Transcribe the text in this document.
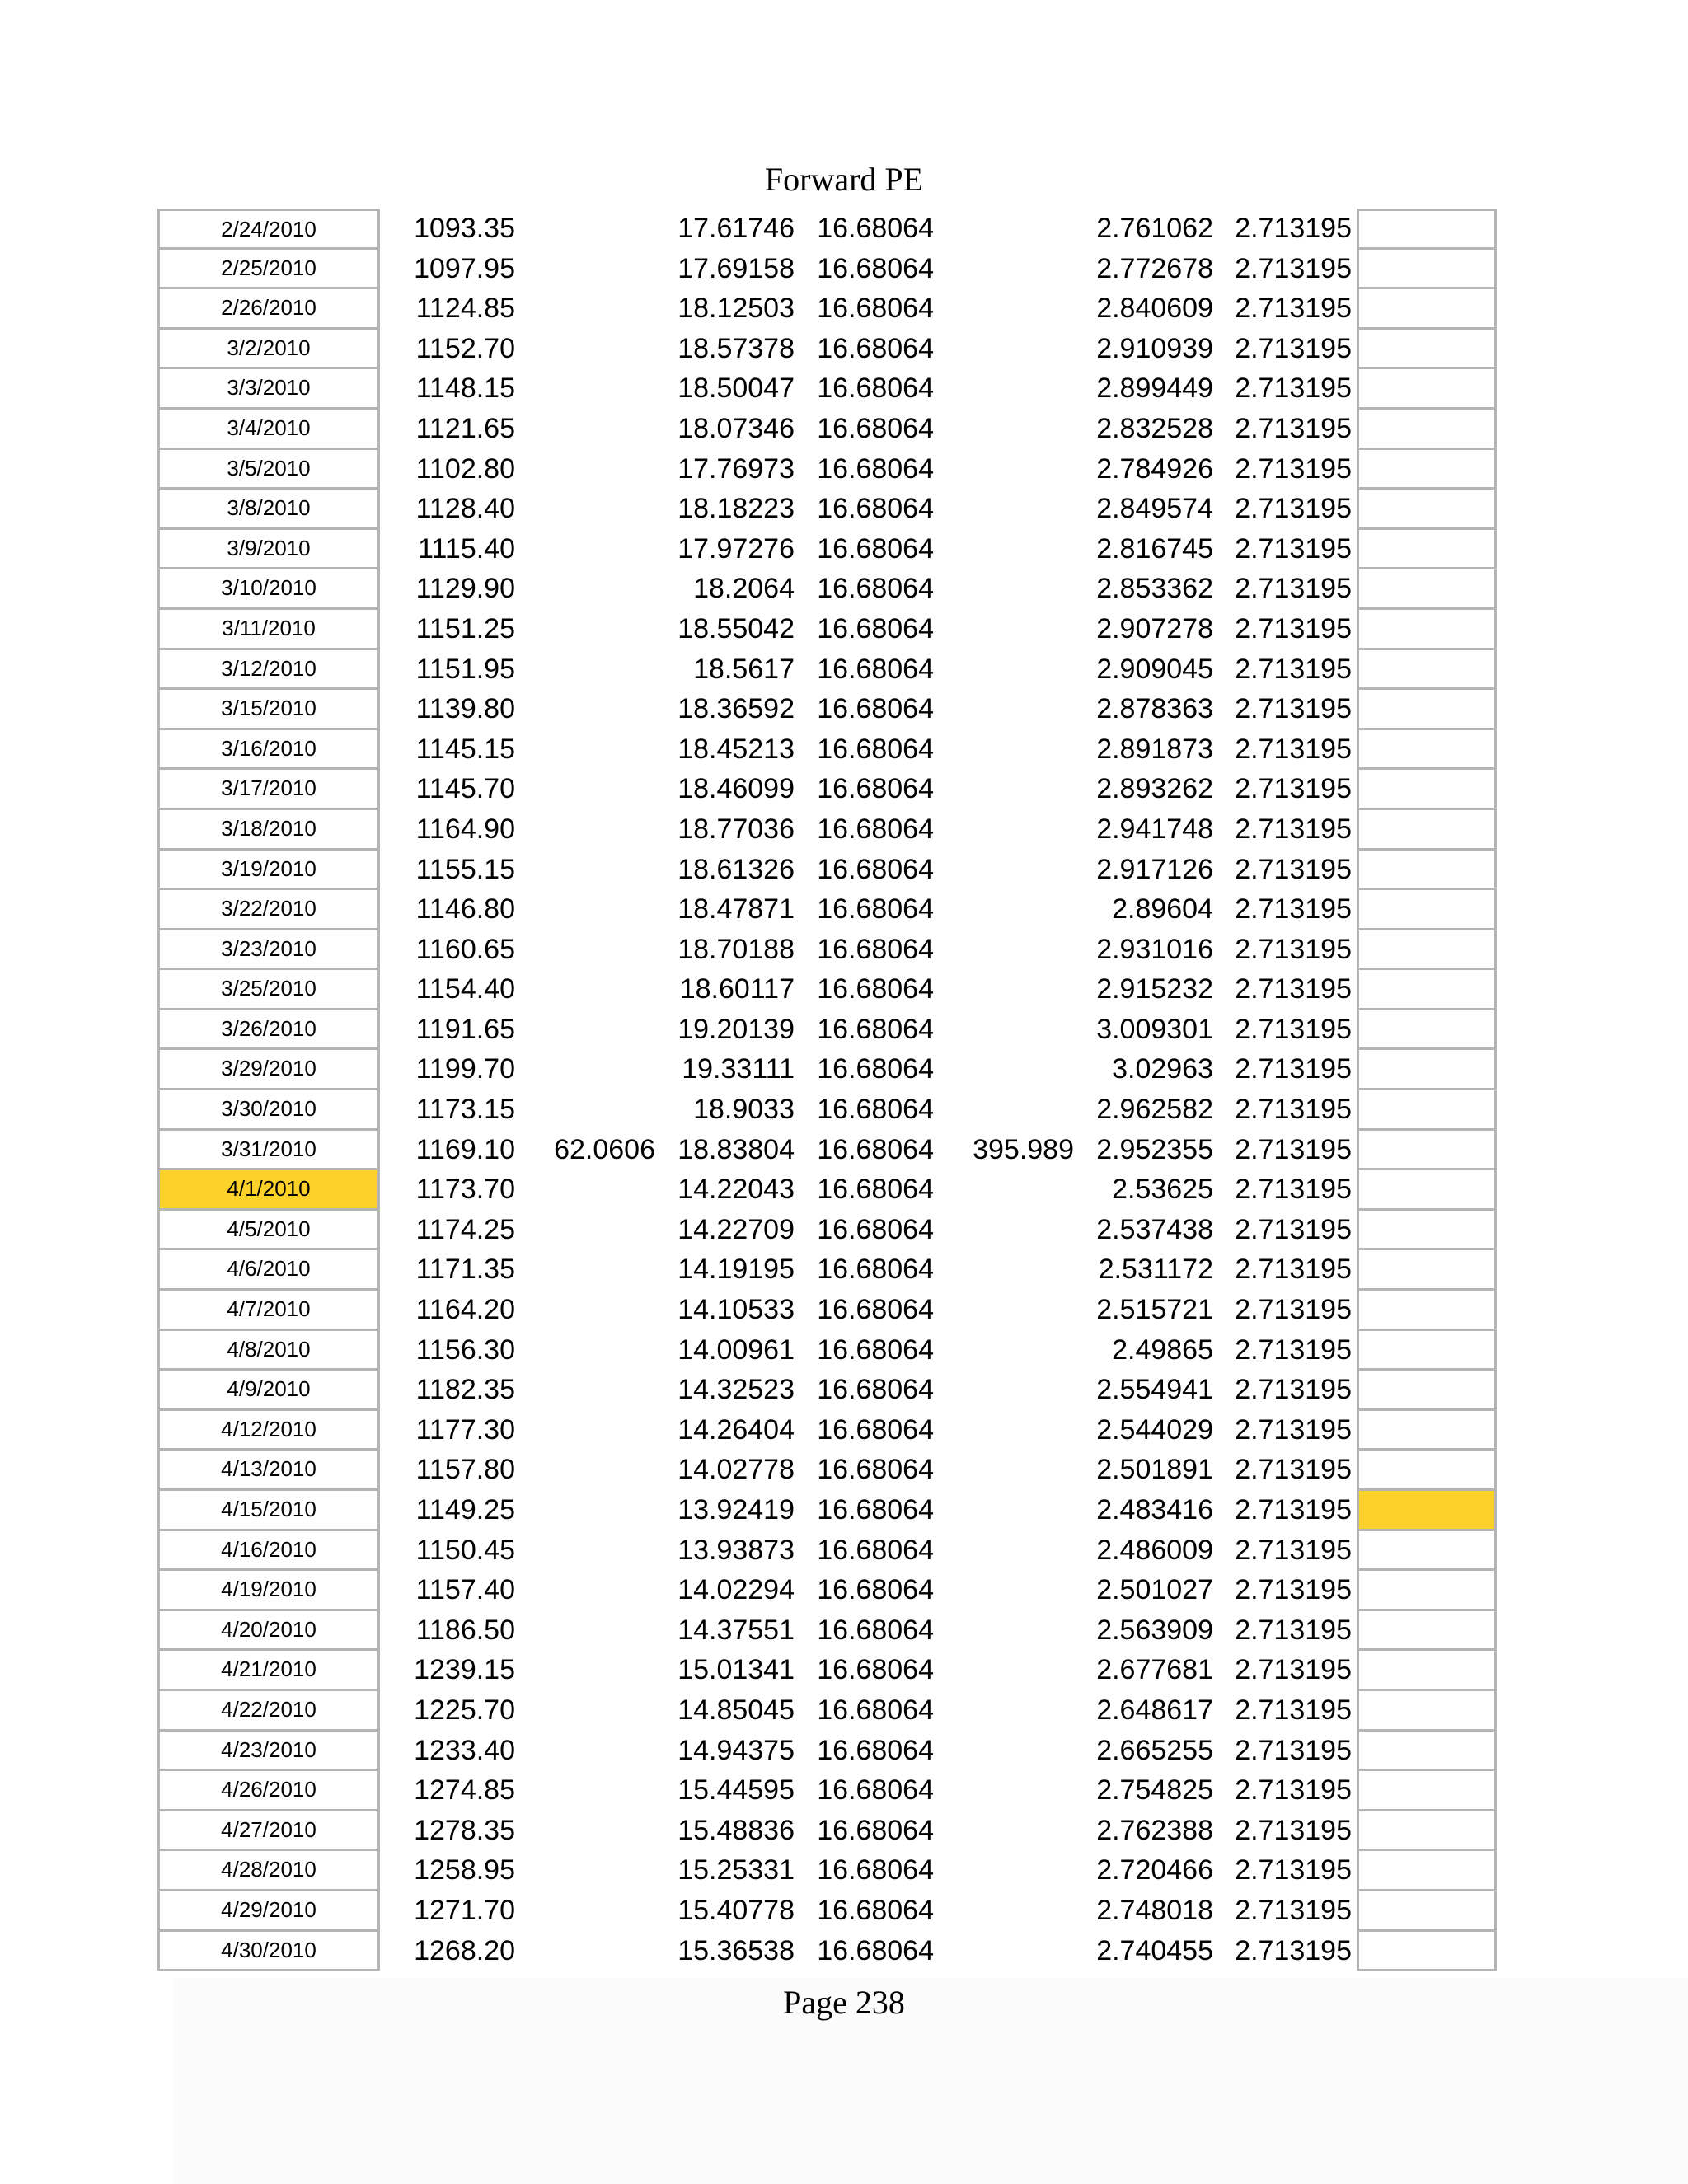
Forward PE
2/24/2010	1093.35	17.61746 16.68064	2.761062 2.713195
2/25/2010	1097.95	17.69158 16.68064	2.772678 2.713195
2/26/2010	1124.85	18.12503 16.68064	2.840609 2.713195
3/2/2010	1152.70	18.57378 16.68064	2.910939 2.713195
3/3/2010	1148.15	18.50047 16.68064	2.899449 2.713195
3/4/2010	1121.65	18.07346 16.68064	2.832528 2.713195
3/5/2010	1102.80	17.76973 16.68064	2.784926 2.713195
3/8/2010	1128.40	18.18223 16.68064	2.849574 2.713195
3/9/2010	1115.40	17.97276 16.68064	2.816745 2.713195
3/10/2010	1129.90	18.2064 16.68064	2.853362 2.713195
3/11/2010	1151.25	18.55042 16.68064	2.907278 2.713195
3/12/2010	1151.95	18.5617 16.68064	2.909045 2.713195
3/15/2010	1139.80	18.36592 16.68064	2.878363 2.713195
3/16/2010	1145.15	18.45213 16.68064	2.891873 2.713195
3/17/2010	1145.70	18.46099 16.68064	2.893262 2.713195
3/18/2010	1164.90	18.77036 16.68064	2.941748 2.713195
3/19/2010	1155.15	18.61326 16.68064	2.917126 2.713195
3/22/2010	1146.80	18.47871 16.68064	2.89604 2.713195
3/23/2010	1160.65	18.70188 16.68064	2.931016 2.713195
3/25/2010	1154.40	18.60117 16.68064	2.915232 2.713195
3/26/2010	1191.65	19.20139 16.68064	3.009301 2.713195
3/29/2010	1199.70	19.33111 16.68064	3.02963 2.713195
3/30/2010	1173.15	18.9033 16.68064	2.962582 2.713195
3/31/2010	1169.10	62.0606 18.83804 16.68064	395.989 2.952355 2.713195
4/1/2010	1173.70	14.22043 16.68064	2.53625 2.713195
4/5/2010	1174.25	14.22709 16.68064	2.537438 2.713195
4/6/2010	1171.35	14.19195 16.68064	2.531172 2.713195
4/7/2010	1164.20	14.10533 16.68064	2.515721 2.713195
4/8/2010	1156.30	14.00961 16.68064	2.49865 2.713195
4/9/2010	1182.35	14.32523 16.68064	2.554941 2.713195
4/12/2010	1177.30	14.26404 16.68064	2.544029 2.713195
4/13/2010	1157.80	14.02778 16.68064	2.501891 2.713195
4/15/2010	1149.25	13.92419 16.68064	2.483416 2.713195
4/16/2010	1150.45	13.93873 16.68064	2.486009 2.713195
4/19/2010	1157.40	14.02294 16.68064	2.501027 2.713195
4/20/2010	1186.50	14.37551 16.68064	2.563909 2.713195
4/21/2010	1239.15	15.01341 16.68064	2.677681 2.713195
4/22/2010	1225.70	14.85045 16.68064	2.648617 2.713195
4/23/2010	1233.40	14.94375 16.68064	2.665255 2.713195
4/26/2010	1274.85	15.44595 16.68064	2.754825 2.713195
4/27/2010	1278.35	15.48836 16.68064	2.762388 2.713195
4/28/2010	1258.95	15.25331 16.68064	2.720466 2.713195
4/29/2010	1271.70	15.40778 16.68064	2.748018 2.713195
4/30/2010	1268.20	15.36538 16.68064	2.740455 2.713195
Page 238
